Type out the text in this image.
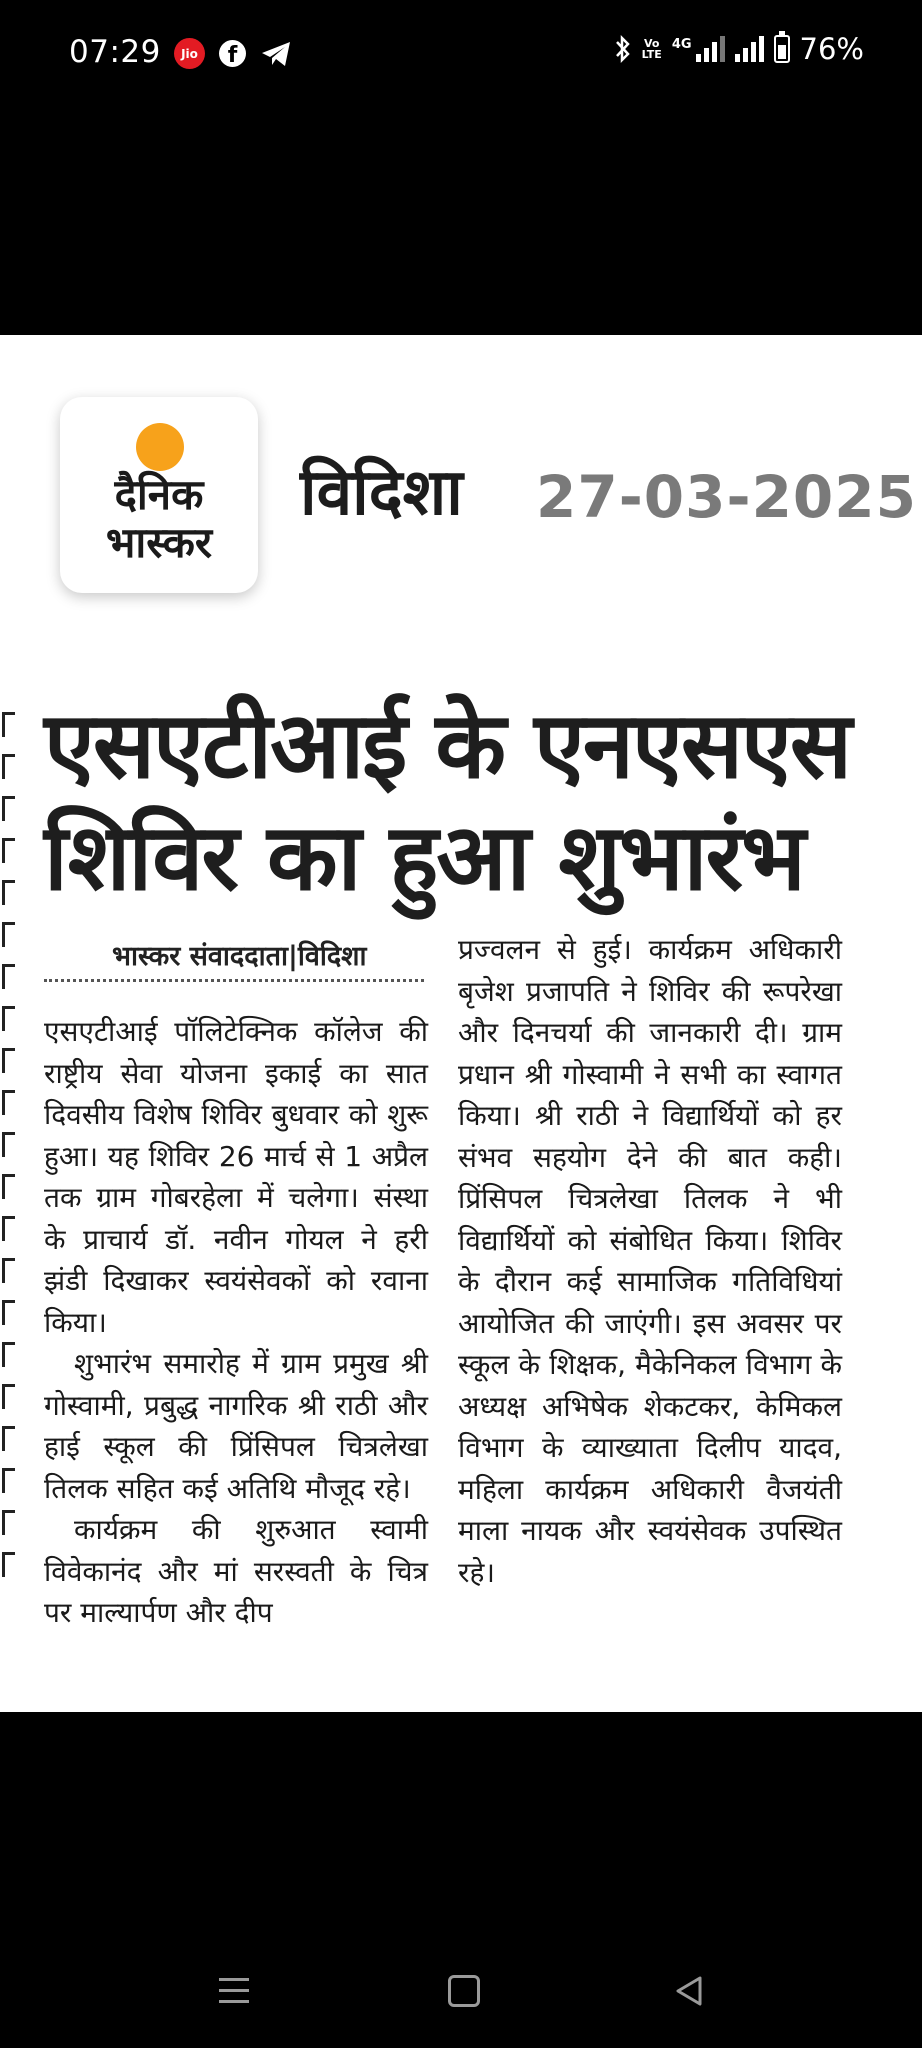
07:29	Jio	f	Vo
LTE
4G	76%
दैनिक
भास्कर
विदिशा 27-03-2025
एसएटीआई के एनएसएस
शिविर का हुआ शुभारंभ
भास्कर संवाददाता|विदिशा

एसएटीआई पॉलिटेक्निक कॉलेज की राष्ट्रीय सेवा योजना इकाई का सात दिवसीय विशेष शिविर बुधवार को शुरू हुआ। यह शिविर 26 मार्च से 1 अप्रैल तक ग्राम गोबरहेला में चलेगा। संस्था के प्राचार्य डॉ. नवीन गोयल ने हरी झंडी दिखाकर स्वयंसेवकों को रवाना किया।

शुभारंभ समारोह में ग्राम प्रमुख श्री गोस्वामी, प्रबुद्ध नागरिक श्री राठी और हाई स्कूल की प्रिंसिपल चित्रलेखा तिलक सहित कई अतिथि मौजूद रहे।

कार्यक्रम की शुरुआत स्वामी विवेकानंद और मां सरस्वती के चित्र पर माल्यार्पण और दीप

प्रज्वलन से हुई। कार्यक्रम अधिकारी बृजेश प्रजापति ने शिविर की रूपरेखा और दिनचर्या की जानकारी दी। ग्राम प्रधान श्री गोस्वामी ने सभी का स्वागत किया। श्री राठी ने विद्यार्थियों को हर संभव सहयोग देने की बात कही। प्रिंसिपल चित्रलेखा तिलक ने भी विद्यार्थियों को संबोधित किया। शिविर के दौरान कई सामाजिक गतिविधियां आयोजित की जाएंगी। इस अवसर पर स्कूल के शिक्षक, मैकेनिकल विभाग के अध्यक्ष अभिषेक शेकटकर, केमिकल विभाग के व्याख्याता दिलीप यादव, महिला कार्यक्रम अधिकारी वैजयंती माला नायक और स्वयंसेवक उपस्थित रहे।
